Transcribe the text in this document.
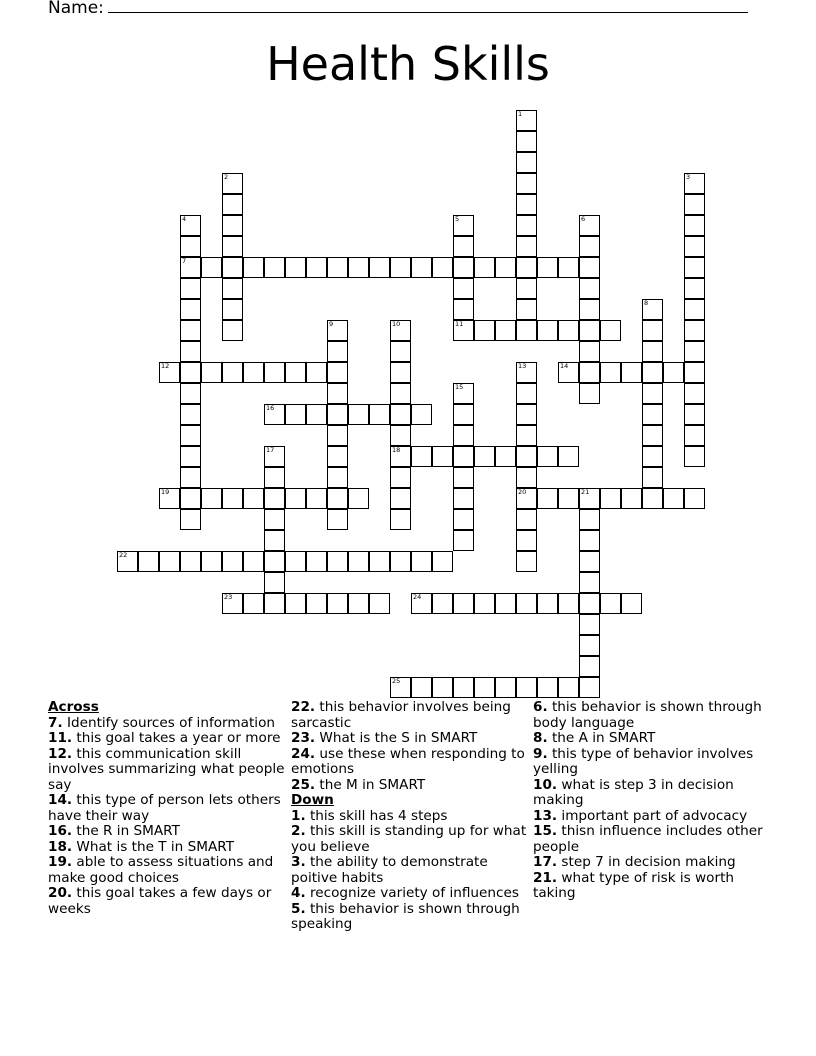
Name:
Health Skills
1
2	3
4
7
5
11
6
8
9	10
18
12	13
20
14
15
16
17
19	21
22
23	24
25
Across
7. Identify sources of information
11. this goal takes a year or more
12. this communication skill involves summarizing what people say
14. this type of person lets others have their way
16. the R in SMART
18. What is the T in SMART
19. able to assess situations and make good choices
20. this goal takes a few days or weeks
22. this behavior involves being sarcastic
23. What is the S in SMART
24. use these when responding to emotions
25. the M in SMART
Down
1. this skill has 4 steps
2. this skill is standing up for what you believe
3. the ability to demonstrate poitive habits
4. recognize variety of influences
5. this behavior is shown through speaking
6. this behavior is shown through body language
8. the A in SMART
9. this type of behavior involves yelling
10. what is step 3 in decision making
13. important part of advocacy
15. thisn influence includes other people
17. step 7 in decision making
21. what type of risk is worth taking
